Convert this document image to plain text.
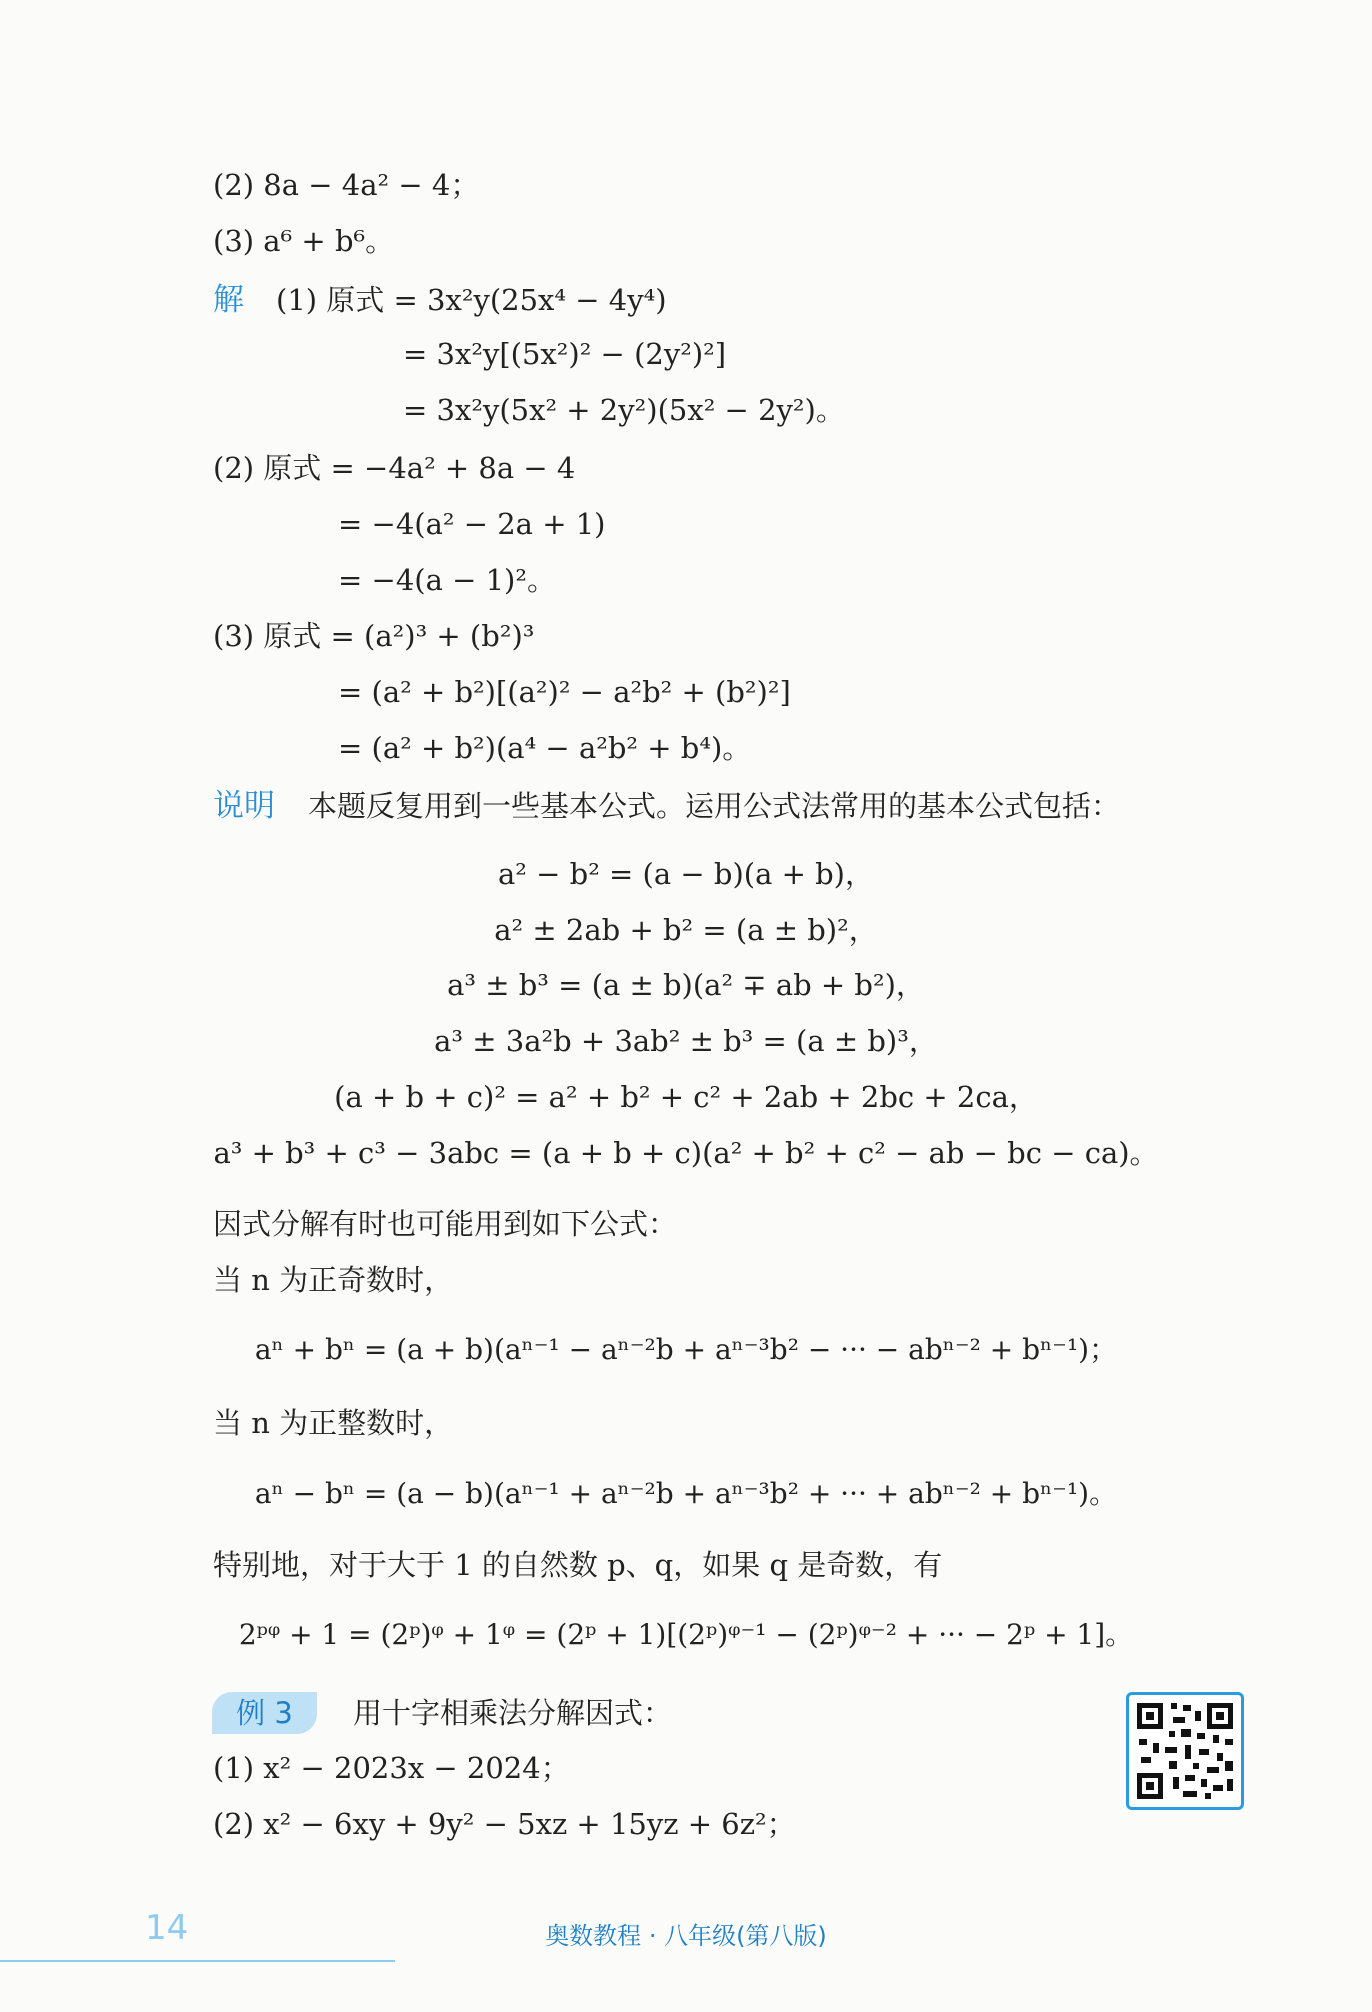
(2) 8a − 4a² − 4；
(3) a⁶ + b⁶。
解 (1) 原式 = 3x²y(25x⁴ − 4y⁴)
= 3x²y[(5x²)² − (2y²)²]
= 3x²y(5x² + 2y²)(5x² − 2y²)。
(2) 原式 = −4a² + 8a − 4
= −4(a² − 2a + 1)
= −4(a − 1)²。
(3) 原式 = (a²)³ + (b²)³
= (a² + b²)[(a²)² − a²b² + (b²)²]
= (a² + b²)(a⁴ − a²b² + b⁴)。
说明 本题反复用到一些基本公式。运用公式法常用的基本公式包括：
a² − b² = (a − b)(a + b)，
a² ± 2ab + b² = (a ± b)²，
a³ ± b³ = (a ± b)(a² ∓ ab + b²)，
a³ ± 3a²b + 3ab² ± b³ = (a ± b)³，
(a + b + c)² = a² + b² + c² + 2ab + 2bc + 2ca，
a³ + b³ + c³ − 3abc = (a + b + c)(a² + b² + c² − ab − bc − ca)。
因式分解有时也可能用到如下公式：
当 n 为正奇数时，
aⁿ + bⁿ = (a + b)(aⁿ⁻¹ − aⁿ⁻²b + aⁿ⁻³b² − ··· − abⁿ⁻² + bⁿ⁻¹)；
当 n 为正整数时，
aⁿ − bⁿ = (a − b)(aⁿ⁻¹ + aⁿ⁻²b + aⁿ⁻³b² + ··· + abⁿ⁻² + bⁿ⁻¹)。
特别地，对于大于 1 的自然数 p、q，如果 q 是奇数，有
2ᵖᵠ + 1 = (2ᵖ)ᵠ + 1ᵠ = (2ᵖ + 1)[(2ᵖ)ᵠ⁻¹ − (2ᵖ)ᵠ⁻² + ··· − 2ᵖ + 1]。
例 3	用十字相乘法分解因式：
(1) x² − 2023x − 2024；
(2) x² − 6xy + 9y² − 5xz + 15yz + 6z²；
14	奥数教程 · 八年级(第八版)
